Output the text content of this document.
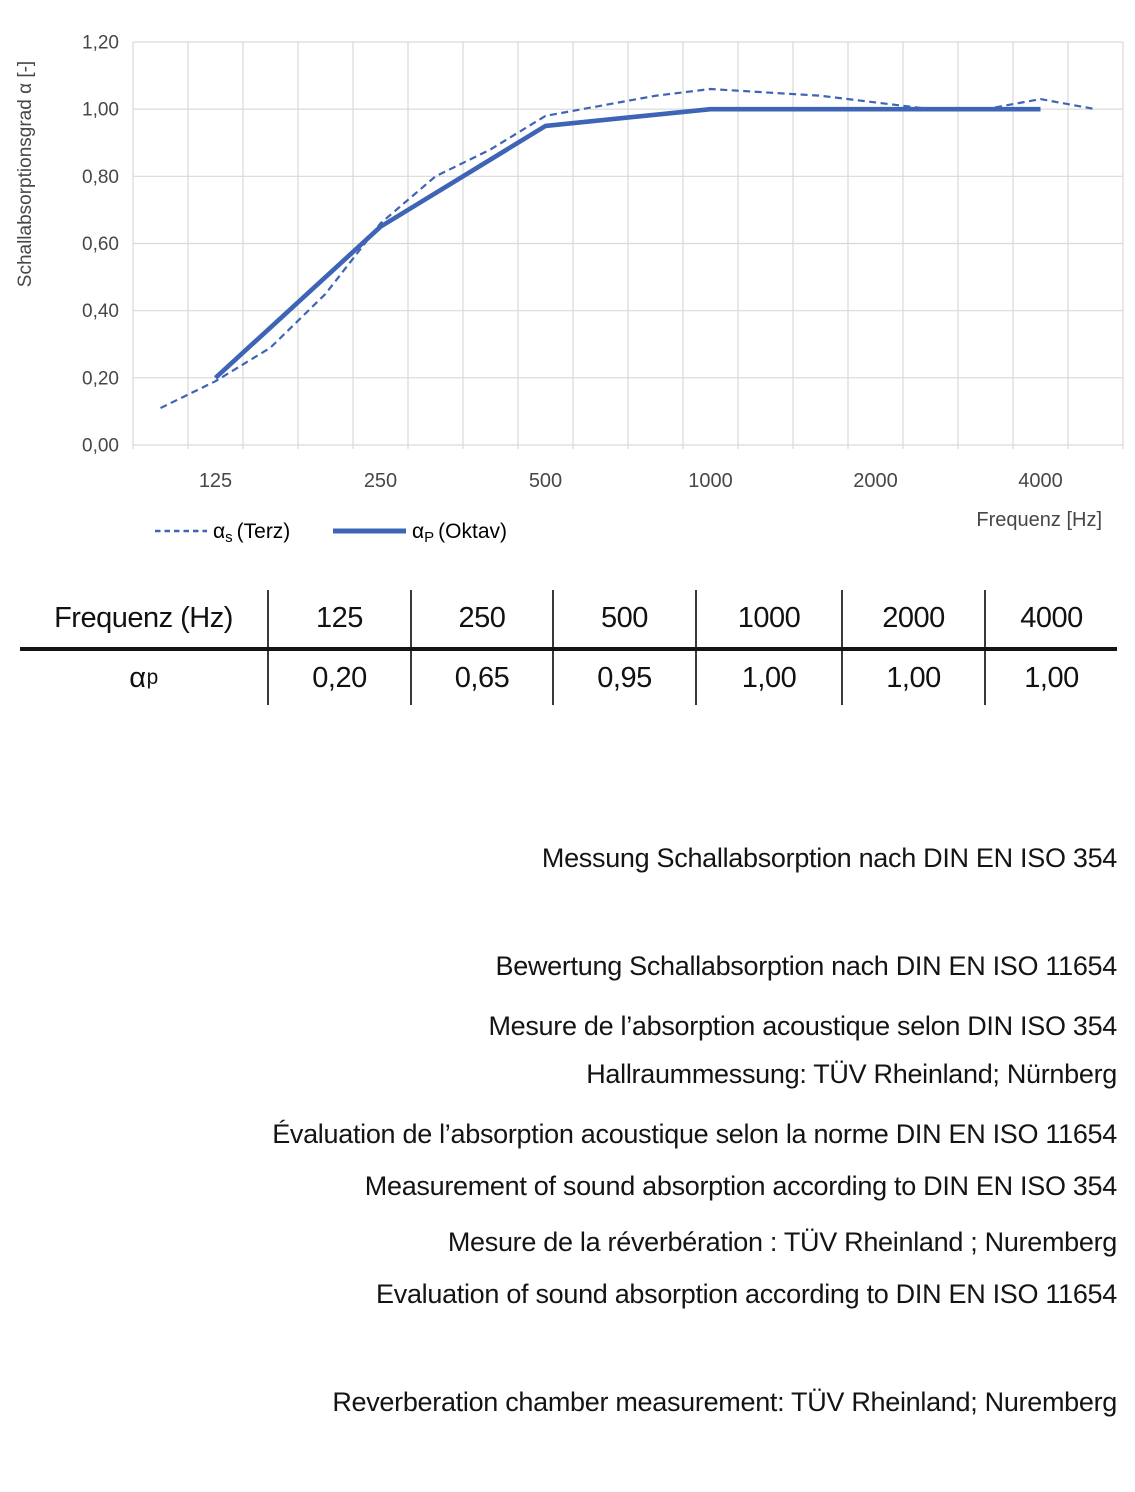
0,00
0,20
0,40
0,60
0,80
1,00
1,20
125	250	500	1000	2000	4000
Schallabsorptionsgrad α [-]
Frequenz [Hz]
αs (Terz)	αP (Oktav)
Frequenz (Hz)	125	250	500	1000	2000	4000
α p	0,20	0,65	0,95	1,00	1,00	1,00

Messung Schallabsorption nach DIN EN ISO 354

Bewertung Schallabsorption nach DIN EN ISO 11654

Hallraummessung: TÜV Rheinland; Nürnberg

Mesure de l’absorption acoustique selon DIN ISO 354

Évaluation de l’absorption acoustique selon la norme DIN EN ISO 11654

Mesure de la réverbération : TÜV Rheinland ; Nuremberg

Measurement of sound absorption according to DIN EN ISO 354

Evaluation of sound absorption according to DIN EN ISO 11654

Reverberation chamber measurement: TÜV Rheinland; Nuremberg
